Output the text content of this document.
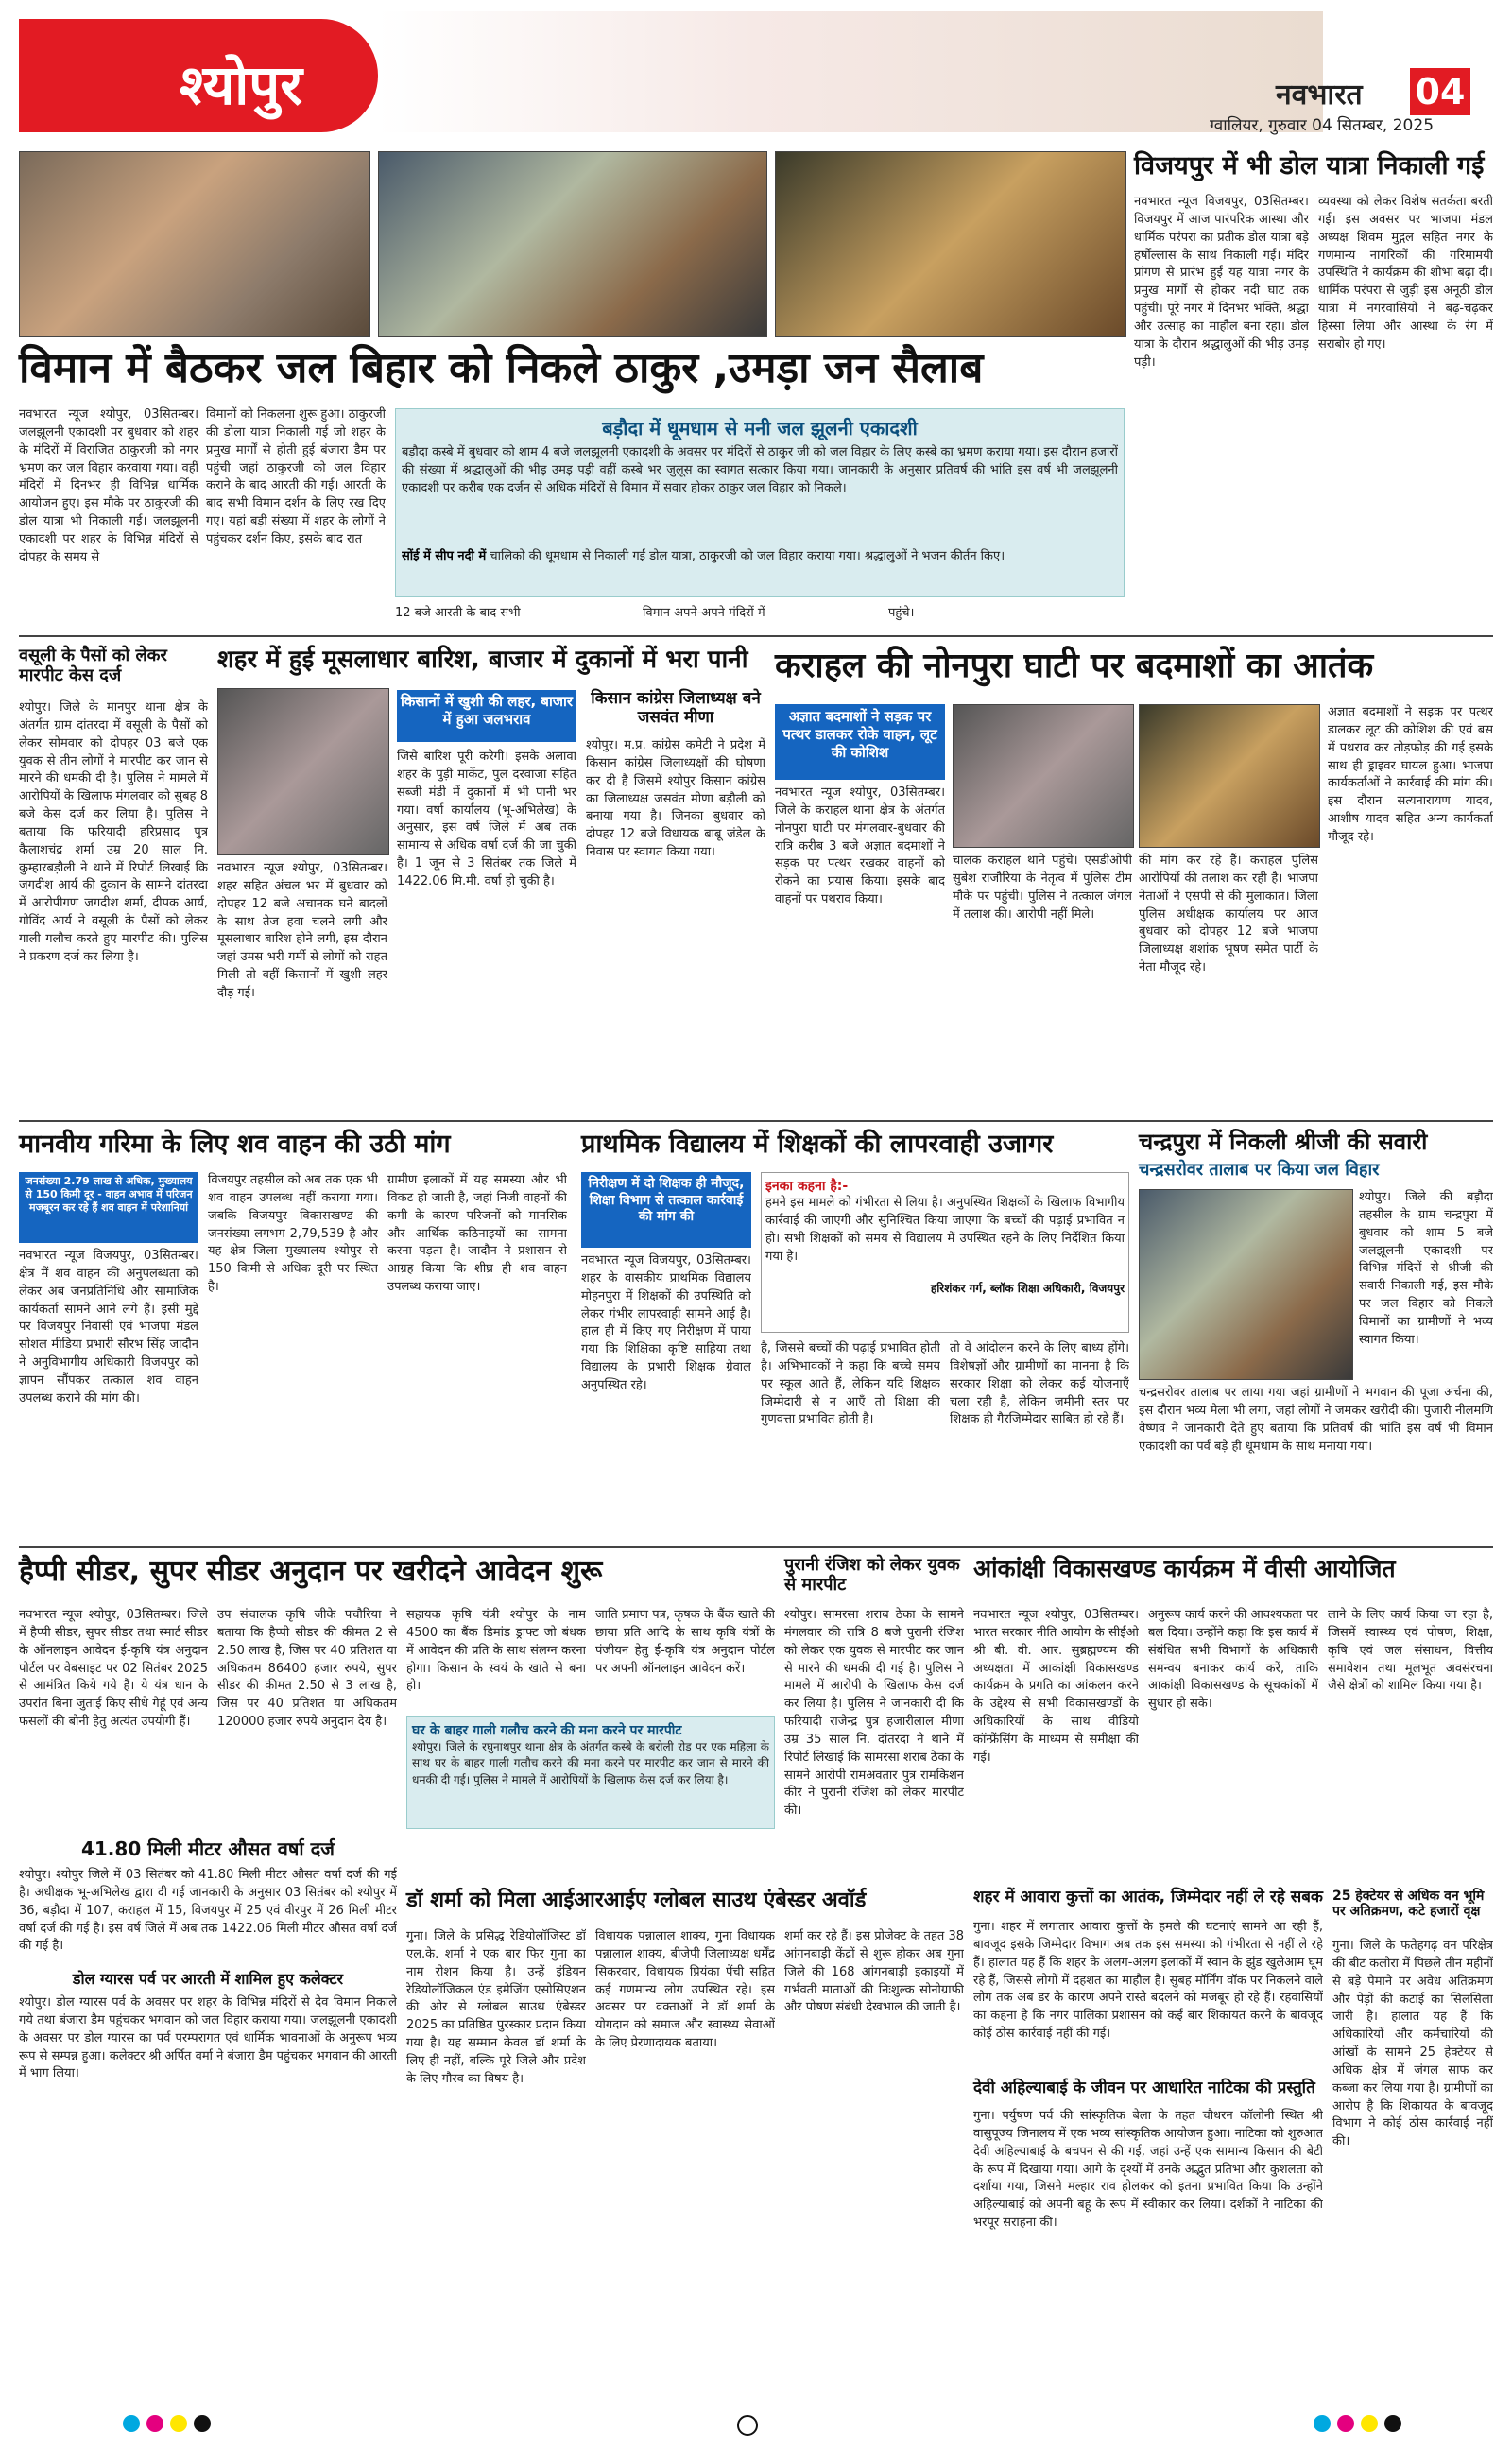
श्योपुर	नवभारत 04
ग्वालियर, गुरुवार 04 सितम्बर, 2025
विजयपुर में भी डोल यात्रा निकाली गई
नवभारत न्यूज विजयपुर, 03सितम्बर। विजयपुर में आज पारंपरिक आस्था और धार्मिक परंपरा का प्रतीक डोल यात्रा बड़े हर्षोल्लास के साथ निकाली गई। मंदिर प्रांगण से प्रारंभ हुई यह यात्रा नगर के प्रमुख मार्गों से होकर नदी घाट तक पहुंची। पूरे नगर में दिनभर भक्ति, श्रद्धा और उत्साह का माहौल बना रहा। डोल यात्रा के दौरान श्रद्धालुओं की भीड़ उमड़ पड़ी।
व्यवस्था को लेकर विशेष सतर्कता बरती गई। इस अवसर पर भाजपा मंडल अध्यक्ष शिवम मुद्गल सहित नगर के गणमान्य नागरिकों की गरिमामयी उपस्थिति ने कार्यक्रम की शोभा बढ़ा दी। धार्मिक परंपरा से जुड़ी इस अनूठी डोल यात्रा में नगरवासियों ने बढ़-चढ़कर हिस्सा लिया और आस्था के रंग में सराबोर हो गए।
विमान में बैठकर जल बिहार को निकले ठाकुर ,उमड़ा जन सैलाब
नवभारत न्यूज श्योपुर, 03सितम्बर। जलझूलनी एकादशी पर बुधवार को शहर के मंदिरों में विराजित ठाकुरजी को नगर भ्रमण कर जल विहार करवाया गया। वहीं मंदिरों में दिनभर ही विभिन्न धार्मिक आयोजन हुए। इस मौके पर ठाकुरजी की डोल यात्रा भी निकाली गई। जलझूलनी एकादशी पर शहर के विभिन्न मंदिरों से दोपहर के समय से
विमानों को निकलना शुरू हुआ। ठाकुरजी की डोला यात्रा निकाली गई जो शहर के प्रमुख मार्गों से होती हुई बंजारा डैम पर पहुंची जहां ठाकुरजी को जल विहार कराने के बाद आरती की गई। आरती के बाद सभी विमान दर्शन के लिए रख दिए गए। यहां बड़ी संख्या में शहर के लोगों ने पहुंचकर दर्शन किए, इसके बाद रात
बड़ौदा में धूमधाम से मनी जल झूलनी एकादशी
बड़ौदा कस्बे में बुधवार को शाम 4 बजे जलझूलनी एकादशी के अवसर पर मंदिरों से ठाकुर जी को जल विहार के लिए कस्बे का भ्रमण कराया गया। इस दौरान हजारों की संख्या में श्रद्धालुओं की भीड़ उमड़ पड़ी वहीं कस्बे भर जुलूस का स्वागत सत्कार किया गया। जानकारी के अनुसार प्रतिवर्ष की भांति इस वर्ष भी जलझूलनी एकादशी पर करीब एक दर्जन से अधिक मंदिरों से विमान में सवार होकर ठाकुर जल विहार को निकले।
सोंई में सीप नदी में चालिको की धूमधाम से निकाली गई डोल यात्रा, ठाकुरजी को जल विहार कराया गया। श्रद्धालुओं ने भजन कीर्तन किए।
12 बजे आरती के बाद सभी	विमान अपने-अपने मंदिरों में	पहुंचे।
वसूली के पैसों को लेकर मारपीट केस दर्ज
श्योपुर। जिले के मानपुर थाना क्षेत्र के अंतर्गत ग्राम दांतरदा में वसूली के पैसों को लेकर सोमवार को दोपहर 03 बजे एक युवक से तीन लोगों ने मारपीट कर जान से मारने की धमकी दी है। पुलिस ने मामले में आरोपियों के खिलाफ मंगलवार को सुबह 8 बजे केस दर्ज कर लिया है। पुलिस ने बताया कि फरियादी हरिप्रसाद पुत्र कैलाशचंद्र शर्मा उम्र 20 साल नि. कुम्हारबड़ौली ने थाने में रिपोर्ट लिखाई कि जगदीश आर्य की दुकान के सामने दांतरदा में आरोपीगण जगदीश शर्मा, दीपक आर्य, गोविंद आर्य ने वसूली के पैसों को लेकर गाली गलौच करते हुए मारपीट की। पुलिस ने प्रकरण दर्ज कर लिया है।
शहर में हुई मूसलाधार बारिश, बाजार में दुकानों में भरा पानी
किसानों में खुशी की लहर, बाजार में हुआ जलभराव
जिसे बारिश पूरी करेगी। इसके अलावा शहर के पुड़ी मार्केट, पुल दरवाजा सहित सब्जी मंडी में दुकानों में भी पानी भर गया। वर्षा कार्यालय (भू-अभिलेख) के अनुसार, इस वर्ष जिले में अब तक सामान्य से अधिक वर्षा दर्ज की जा चुकी है। 1 जून से 3 सितंबर तक जिले में 1422.06 मि.मी. वर्षा हो चुकी है।
नवभारत न्यूज श्योपुर, 03सितम्बर। शहर सहित अंचल भर में बुधवार को दोपहर 12 बजे अचानक घने बादलों के साथ तेज हवा चलने लगी और मूसलाधार बारिश होने लगी, इस दौरान जहां उमस भरी गर्मी से लोगों को राहत मिली तो वहीं किसानों में खुशी लहर दौड़ गई।
किसान कांग्रेस जिलाध्यक्ष बने जसवंत मीणा
श्योपुर। म.प्र. कांग्रेस कमेटी ने प्रदेश में किसान कांग्रेस जिलाध्यक्षों की घोषणा कर दी है जिसमें श्योपुर किसान कांग्रेस का जिलाध्यक्ष जसवंत मीणा बड़ौली को बनाया गया है। जिनका बुधवार को दोपहर 12 बजे विधायक बाबू जंडेल के निवास पर स्वागत किया गया।
कराहल की नोनपुरा घाटी पर बदमाशों का आतंक
अज्ञात बदमाशों ने सड़क पर पत्थर डालकर रोके वाहन, लूट की कोशिश
नवभारत न्यूज श्योपुर, 03सितम्बर। जिले के कराहल थाना क्षेत्र के अंतर्गत नोनपुरा घाटी पर मंगलवार-बुधवार की रात्रि करीब 3 बजे अज्ञात बदमाशों ने सड़क पर पत्थर रखकर वाहनों को रोकने का प्रयास किया। इसके बाद वाहनों पर पथराव किया।
चालक कराहल थाने पहुंचे। एसडीओपी सुबेश राजौरिया के नेतृत्व में पुलिस टीम मौके पर पहुंची। पुलिस ने तत्काल जंगल में तलाश की। आरोपी नहीं मिले।
की मांग कर रहे हैं। कराहल पुलिस आरोपियों की तलाश कर रही है। भाजपा नेताओं ने एसपी से की मुलाकात। जिला पुलिस अधीक्षक कार्यालय पर आज बुधवार को दोपहर 12 बजे भाजपा जिलाध्यक्ष शशांक भूषण समेत पार्टी के नेता मौजूद रहे।
अज्ञात बदमाशों ने सड़क पर पत्थर डालकर लूट की कोशिश की एवं बस में पथराव कर तोड़फोड़ की गई इसके साथ ही ड्राइवर घायल हुआ। भाजपा कार्यकर्ताओं ने कार्रवाई की मांग की। इस दौरान सत्यनारायण यादव, आशीष यादव सहित अन्य कार्यकर्ता मौजूद रहे।
मानवीय गरिमा के लिए शव वाहन की उठी मांग
जनसंख्या 2.79 लाख से अधिक, मुख्यालय से 150 किमी दूर - वाहन अभाव में परिजन मजबूरन कर रहे हैं शव वाहन में परेशानियां
नवभारत न्यूज विजयपुर, 03सितम्बर। क्षेत्र में शव वाहन की अनुपलब्धता को लेकर अब जनप्रतिनिधि और सामाजिक कार्यकर्ता सामने आने लगे हैं। इसी मुद्दे पर विजयपुर निवासी एवं भाजपा मंडल सोशल मीडिया प्रभारी सौरभ सिंह जादौन ने अनुविभागीय अधिकारी विजयपुर को ज्ञापन सौंपकर तत्काल शव वाहन उपलब्ध कराने की मांग की।
विजयपुर तहसील को अब तक एक भी शव वाहन उपलब्ध नहीं कराया गया। जबकि विजयपुर विकासखण्ड की जनसंख्या लगभग 2,79,539 है और यह क्षेत्र जिला मुख्यालय श्योपुर से 150 किमी से अधिक दूरी पर स्थित है।
ग्रामीण इलाकों में यह समस्या और भी विकट हो जाती है, जहां निजी वाहनों की कमी के कारण परिजनों को मानसिक और आर्थिक कठिनाइयों का सामना करना पड़ता है। जादौन ने प्रशासन से आग्रह किया कि शीघ्र ही शव वाहन उपलब्ध कराया जाए।
प्राथमिक विद्यालय में शिक्षकों की लापरवाही उजागर
निरीक्षण में दो शिक्षक ही मौजूद, शिक्षा विभाग से तत्काल कार्रवाई की मांग की
इनका कहना है:-
हमने इस मामले को गंभीरता से लिया है। अनुपस्थित शिक्षकों के खिलाफ विभागीय कार्रवाई की जाएगी और सुनिश्चित किया जाएगा कि बच्चों की पढ़ाई प्रभावित न हो। सभी शिक्षकों को समय से विद्यालय में उपस्थित रहने के लिए निर्देशित किया गया है।
हरिशंकर गर्ग, ब्लॉक शिक्षा अधिकारी, विजयपुर
नवभारत न्यूज विजयपुर, 03सितम्बर। शहर के वासकीय प्राथमिक विद्यालय मोहनपुरा में शिक्षकों की उपस्थिति को लेकर गंभीर लापरवाही सामने आई है। हाल ही में किए गए निरीक्षण में पाया गया कि शिक्षिका कृष्टि साहिया तथा विद्यालय के प्रभारी शिक्षक ग्रेवाल अनुपस्थित रहे।
है, जिससे बच्चों की पढ़ाई प्रभावित होती है। अभिभावकों ने कहा कि बच्चे समय पर स्कूल आते हैं, लेकिन यदि शिक्षक जिम्मेदारी से न आएँ तो शिक्षा की गुणवत्ता प्रभावित होती है।
तो वे आंदोलन करने के लिए बाध्य होंगे। विशेषज्ञों और ग्रामीणों का मानना है कि सरकार शिक्षा को लेकर कई योजनाएँ चला रही है, लेकिन जमीनी स्तर पर शिक्षक ही गैरजिम्मेदार साबित हो रहे हैं।
चन्द्रपुरा में निकली श्रीजी की सवारी
चन्द्रसरोवर तालाब पर किया जल विहार
श्योपुर। जिले की बड़ौदा तहसील के ग्राम चन्द्रपुरा में बुधवार को शाम 5 बजे जलझूलनी एकादशी पर विभिन्न मंदिरों से श्रीजी की सवारी निकाली गई, इस मौके पर जल विहार को निकले विमानों का ग्रामीणों ने भव्य स्वागत किया।
चन्द्रसरोवर तालाब पर लाया गया जहां ग्रामीणों ने भगवान की पूजा अर्चना की, इस दौरान भव्य मेला भी लगा, जहां लोगों ने जमकर खरीदी की। पुजारी नीलमणि वैष्णव ने जानकारी देते हुए बताया कि प्रतिवर्ष की भांति इस वर्ष भी विमान एकादशी का पर्व बड़े ही धूमधाम के साथ मनाया गया।
हैप्पी सीडर, सुपर सीडर अनुदान पर खरीदने आवेदन शुरू
नवभारत न्यूज श्योपुर, 03सितम्बर। जिले में हैप्पी सीडर, सुपर सीडर तथा स्मार्ट सीडर के ऑनलाइन आवेदन ई-कृषि यंत्र अनुदान पोर्टल पर वेबसाइट पर 02 सितंबर 2025 से आमंत्रित किये गये हैं। ये यंत्र धान के उपरांत बिना जुताई किए सीधे गेहूं एवं अन्य फसलों की बोनी हेतु अत्यंत उपयोगी हैं।
उप संचालक कृषि जीके पचौरिया ने बताया कि हैप्पी सीडर की कीमत 2 से 2.50 लाख है, जिस पर 40 प्रतिशत या अधिकतम 86400 हजार रुपये, सुपर सीडर की कीमत 2.50 से 3 लाख है, जिस पर 40 प्रतिशत या अधिकतम 120000 हजार रुपये अनुदान देय है।
सहायक कृषि यंत्री श्योपुर के नाम 4500 का बैंक डिमांड ड्राफ्ट जो बंधक में आवेदन की प्रति के साथ संलग्न करना होगा। किसान के स्वयं के खाते से बना हो।
जाति प्रमाण पत्र, कृषक के बैंक खाते की छाया प्रति आदि के साथ कृषि यंत्रों के पंजीयन हेतु ई-कृषि यंत्र अनुदान पोर्टल पर अपनी ऑनलाइन आवेदन करें।
घर के बाहर गाली गलौच करने की मना करने पर मारपीट
श्योपुर। जिले के रघुनाथपुर थाना क्षेत्र के अंतर्गत कस्बे के बरोली रोड पर एक महिला के साथ घर के बाहर गाली गलौच करने की मना करने पर मारपीट कर जान से मारने की धमकी दी गई। पुलिस ने मामले में आरोपियों के खिलाफ केस दर्ज कर लिया है।
पुरानी रंजिश को लेकर युवक से मारपीट
श्योपुर। सामरसा शराब ठेका के सामने मंगलवार की रात्रि 8 बजे पुरानी रंजिश को लेकर एक युवक से मारपीट कर जान से मारने की धमकी दी गई है। पुलिस ने मामले में आरोपी के खिलाफ केस दर्ज कर लिया है। पुलिस ने जानकारी दी कि फरियादी राजेन्द्र पुत्र हजारीलाल मीणा उम्र 35 साल नि. दांतरदा ने थाने में रिपोर्ट लिखाई कि सामरसा शराब ठेका के सामने आरोपी रामअवतार पुत्र रामकिशन कीर ने पुरानी रंजिश को लेकर मारपीट की।
आंकांक्षी विकासखण्ड कार्यक्रम में वीसी आयोजित
नवभारत न्यूज श्योपुर, 03सितम्बर। भारत सरकार नीति आयोग के सीईओ श्री बी. वी. आर. सुब्रह्मण्यम की अध्यक्षता में आकांक्षी विकासखण्ड कार्यक्रम के प्रगति का आंकलन करने के उद्देश्य से सभी विकासखण्डों के अधिकारियों के साथ वीडियो कॉन्फ्रेंसिंग के माध्यम से समीक्षा की गई।
अनुरूप कार्य करने की आवश्यकता पर बल दिया। उन्होंने कहा कि इस कार्य में संबंधित सभी विभागों के अधिकारी समन्वय बनाकर कार्य करें, ताकि आकांक्षी विकासखण्ड के सूचकांकों में सुधार हो सके।
लाने के लिए कार्य किया जा रहा है, जिसमें स्वास्थ्य एवं पोषण, शिक्षा, कृषि एवं जल संसाधन, वित्तीय समावेशन तथा मूलभूत अवसंरचना जैसे क्षेत्रों को शामिल किया गया है।
41.80 मिली मीटर औसत वर्षा दर्ज
श्योपुर। श्योपुर जिले में 03 सितंबर को 41.80 मिली मीटर औसत वर्षा दर्ज की गई है। अधीक्षक भू-अभिलेख द्वारा दी गई जानकारी के अनुसार 03 सितंबर को श्योपुर में 36, बड़ौदा में 107, कराहल में 15, विजयपुर में 25 एवं वीरपुर में 26 मिली मीटर वर्षा दर्ज की गई है। इस वर्ष जिले में अब तक 1422.06 मिली मीटर औसत वर्षा दर्ज की गई है।
डोल ग्यारस पर्व पर आरती में शामिल हुए कलेक्टर
श्योपुर। डोल ग्यारस पर्व के अवसर पर शहर के विभिन्न मंदिरों से देव विमान निकाले गये तथा बंजारा डैम पहुंचकर भगवान को जल विहार कराया गया। जलझूलनी एकादशी के अवसर पर डोल ग्यारस का पर्व परम्परागत एवं धार्मिक भावनाओं के अनुरूप भव्य रूप से सम्पन्न हुआ। कलेक्टर श्री अर्पित वर्मा ने बंजारा डैम पहुंचकर भगवान की आरती में भाग लिया।
डॉ शर्मा को मिला आईआरआईए ग्लोबल साउथ एंबेस्डर अवॉर्ड
गुना। जिले के प्रसिद्ध रेडियोलॉजिस्ट डॉ एल.के. शर्मा ने एक बार फिर गुना का नाम रोशन किया है। उन्हें इंडियन रेडियोलॉजिकल एंड इमेजिंग एसोसिएशन की ओर से ग्लोबल साउथ एंबेस्डर 2025 का प्रतिष्ठित पुरस्कार प्रदान किया गया है। यह सम्मान केवल डॉ शर्मा के लिए ही नहीं, बल्कि पूरे जिले और प्रदेश के लिए गौरव का विषय है।
विधायक पन्नालाल शाक्य, गुना विधायक पन्नालाल शाक्य, बीजेपी जिलाध्यक्ष धर्मेंद्र सिकरवार, विधायक प्रियंका पेंची सहित कई गणमान्य लोग उपस्थित रहे। इस अवसर पर वक्ताओं ने डॉ शर्मा के योगदान को समाज और स्वास्थ्य सेवाओं के लिए प्रेरणादायक बताया।
शर्मा कर रहे हैं। इस प्रोजेक्ट के तहत 38 आंगनबाड़ी केंद्रों से शुरू होकर अब गुना जिले की 168 आंगनबाड़ी इकाइयों में गर्भवती माताओं की निःशुल्क सोनोग्राफी और पोषण संबंधी देखभाल की जाती है।
शहर में आवारा कुत्तों का आतंक, जिम्मेदार नहीं ले रहे सबक
गुना। शहर में लगातार आवारा कुत्तों के हमले की घटनाएं सामने आ रही हैं, बावजूद इसके जिम्मेदार विभाग अब तक इस समस्या को गंभीरता से नहीं ले रहे हैं। हालात यह हैं कि शहर के अलग-अलग इलाकों में स्वान के झुंड खुलेआम घूम रहे हैं, जिससे लोगों में दहशत का माहौल है। सुबह मॉर्निंग वॉक पर निकलने वाले लोग तक अब डर के कारण अपने रास्ते बदलने को मजबूर हो रहे हैं। रहवासियों का कहना है कि नगर पालिका प्रशासन को कई बार शिकायत करने के बावजूद कोई ठोस कार्रवाई नहीं की गई।
देवी अहिल्याबाई के जीवन पर आधारित नाटिका की प्रस्तुति
गुना। पर्युषण पर्व की सांस्कृतिक बेला के तहत चौधरन कॉलोनी स्थित श्री वासुपूज्य जिनालय में एक भव्य सांस्कृतिक आयोजन हुआ। नाटिका को शुरुआत देवी अहिल्याबाई के बचपन से की गई, जहां उन्हें एक सामान्य किसान की बेटी के रूप में दिखाया गया। आगे के दृश्यों में उनके अद्भुत प्रतिभा और कुशलता को दर्शाया गया, जिसने मल्हार राव होलकर को इतना प्रभावित किया कि उन्होंने अहिल्याबाई को अपनी बहू के रूप में स्वीकार कर लिया। दर्शकों ने नाटिका की भरपूर सराहना की।
25 हेक्टेयर से अधिक वन भूमि पर अतिक्रमण, कटे हजारों वृक्ष
गुना। जिले के फतेहगढ़ वन परिक्षेत्र की बीट कलोरा में पिछले तीन महीनों से बड़े पैमाने पर अवैध अतिक्रमण और पेड़ों की कटाई का सिलसिला जारी है। हालात यह हैं कि अधिकारियों और कर्मचारियों की आंखों के सामने 25 हेक्टेयर से अधिक क्षेत्र में जंगल साफ कर कब्जा कर लिया गया है। ग्रामीणों का आरोप है कि शिकायत के बावजूद विभाग ने कोई ठोस कार्रवाई नहीं की।
